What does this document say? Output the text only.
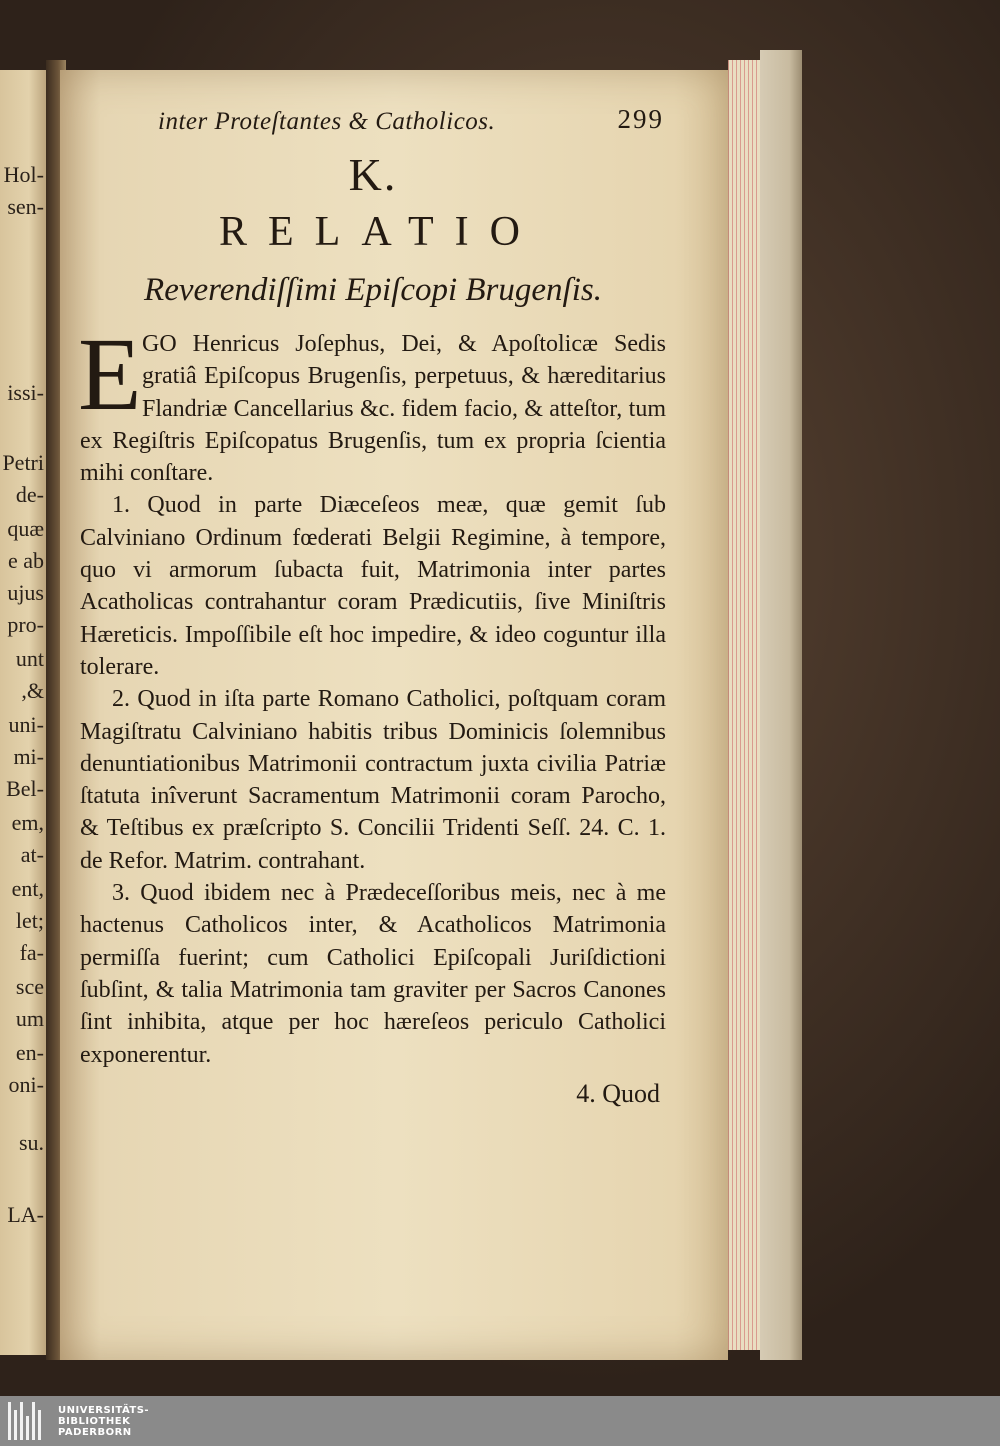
Hol-
sen-
issi-
Petri
de-
quæ
e ab
ujus
pro-
unt
,&
uni-
mi-
Bel-
em,
at-
ent,
let;
fa-
sce
um
en-
oni-
su.
LA-
inter Proteſtantes & Catholicos.	299
K.
RELATIO
Reverendiſſimi Epiſcopi Brugenſis.
E GO Henricus Joſephus, Dei, & Apoſtolicæ Sedis gratiâ Epiſcopus Brugenſis, perpetuus, & hæreditarius Flandriæ Cancellarius &c. fidem facio, & atteſtor, tum ex Regiſtris Epiſcopatus Brugenſis, tum ex propria ſcientia mihi conſtare.
1. Quod in parte Diæceſeos meæ, quæ gemit ſub Calviniano Ordinum fœderati Belgii Regimine, à tempore, quo vi armorum ſubacta fuit, Matrimonia inter partes Acatholicas contrahantur coram Prædicutiis, ſive Miniſtris Hæreticis. Impoſſibile eſt hoc impedire, & ideo coguntur illa tolerare.
2. Quod in iſta parte Romano Catholici, poſtquam coram Magiſtratu Calviniano habitis tribus Dominicis ſolemnibus denuntiationibus Matrimonii contractum juxta civilia Patriæ ſtatuta inîverunt Sacramentum Matrimonii coram Parocho, & Teſtibus ex præſcripto S. Concilii Tridenti Seſſ. 24. C. 1. de Refor. Matrim. contrahant.
3. Quod ibidem nec à Prædeceſſoribus meis, nec à me hactenus Catholicos inter, & Acatholicos Matrimonia permiſſa fuerint; cum Catholici Epiſcopali Juriſdictioni ſubſint, & talia Matrimonia tam graviter per Sacros Canones ſint inhibita, atque per hoc hæreſeos periculo Catholici exponerentur.
4. Quod
UNIVERSITÄTS-
BIBLIOTHEK
PADERBORN
